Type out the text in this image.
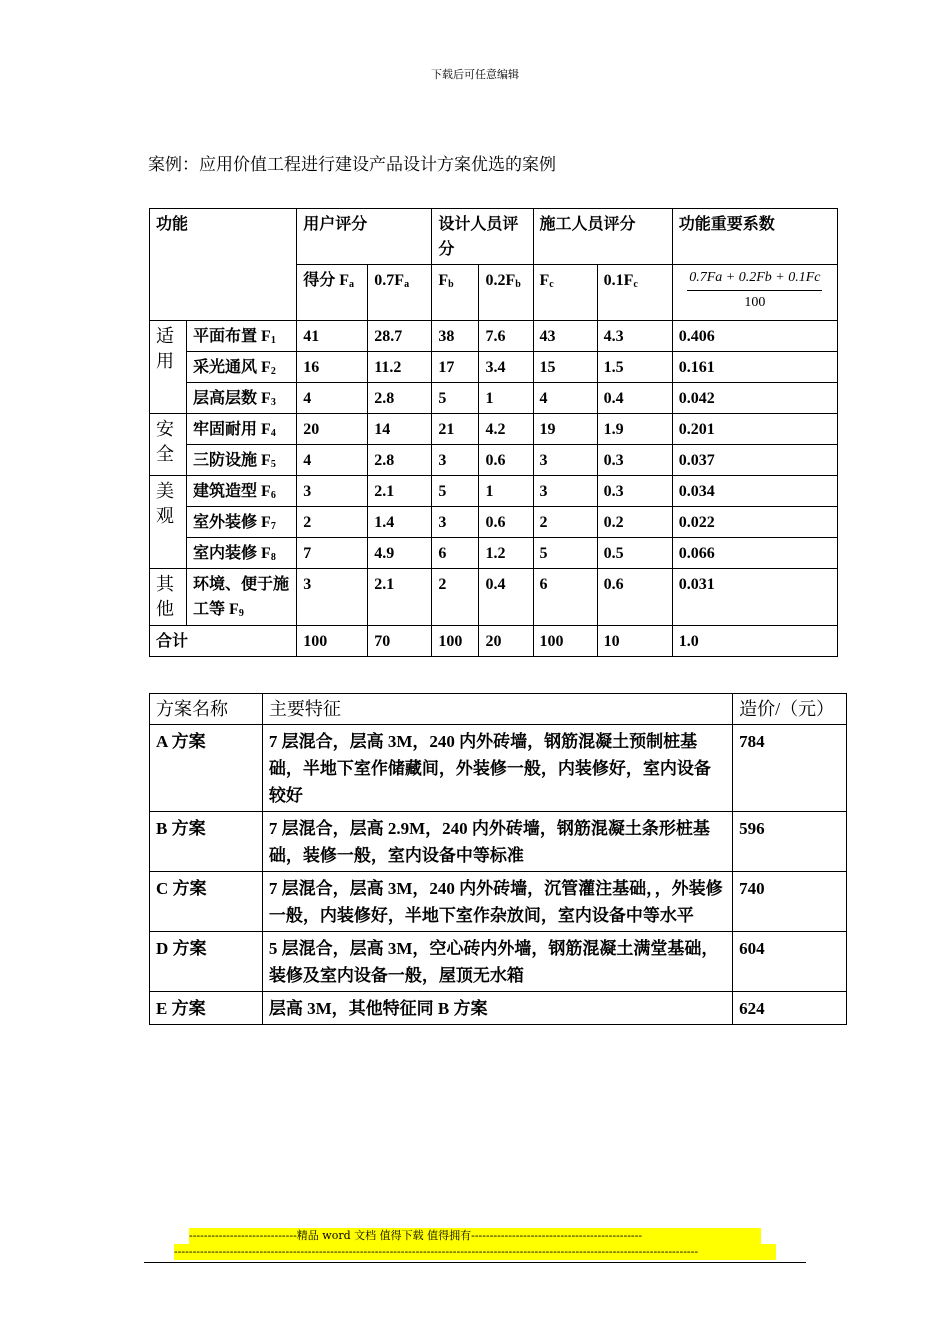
下载后可任意编辑
案例：应用价值工程进行建设产品设计方案优选的案例
功能		用户评分		设计人员评分		施工人员评分		功能重要系数
		得分 $F_a$	$0.7F_a$	$F_b$	$0.2F_b$	$F_c$	$0.1F_c$	0.7Fa + 0.2Fb + 0.1Fc
100

适用	平面布置 $F_1$	41	28.7	38	7.6	43	4.3	0.406
	采光通风 $F_2$	16	11.2	17	3.4	15	1.5	0.161
	层高层数 $F_3$	4	2.8	5	1	4	0.4	0.042
安全	牢固耐用 $F_4$	20	14	21	4.2	19	1.9	0.201
	三防设施 $F_5$	4	2.8	3	0.6	3	0.3	0.037
美观	建筑造型 $F_6$	3	2.1	5	1	3	0.3	0.034
	室外装修 $F_7$	2	1.4	3	0.6	2	0.2	0.022
	室内装修 $F_8$	7	4.9	6	1.2	5	0.5	0.066
其他	环境、便于施工等 $F_9$	3	2.1	2	0.4	6	0.6	0.031
合计		100	70	100	20	100	10	1.0
方案名称	主要特征	造价/（元）
A 方案	7 层混合，层高 3M，240 内外砖墙，钢筋混凝土预制桩基础，半地下室作储藏间，外装修一般，内装修好，室内设备较好	784
B 方案	7 层混合，层高 2.9M，240 内外砖墙，钢筋混凝土条形桩基础，装修一般，室内设备中等标准	596
C 方案	7 层混合，层高 3M，240 内外砖墙，沉管灌注基础，，外装修一般，内装修好，半地下室作杂放间，室内设备中等水平	740
D 方案	5 层混合，层高 3M，空心砖内外墙，钢筋混凝土满堂基础，装修及室内设备一般，屋顶无水箱	604
E 方案	层高 3M，其他特征同 B 方案	624
-----------------------------精品 word 文档 值得下载 值得拥有----------------------------------------------
---------------------------------------------------------------------------------------------------------------------------------------------
